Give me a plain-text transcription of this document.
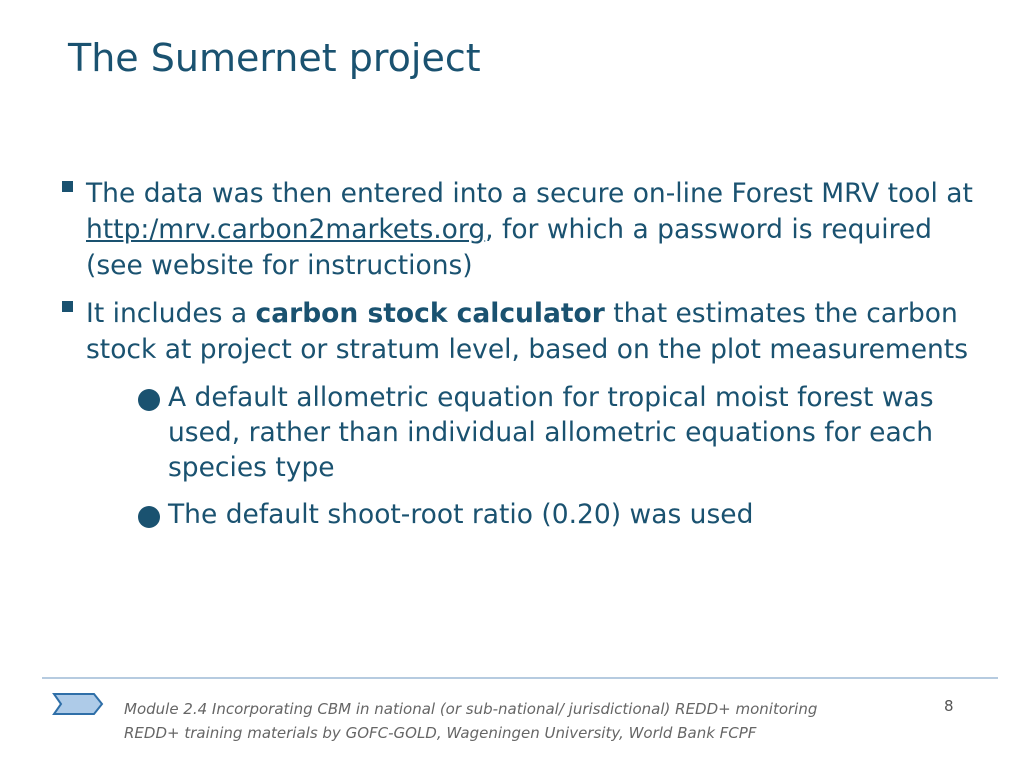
The Sumernet project
The data was then entered into a secure on-line Forest MRV tool at http:/mrv.carbon2markets.org, for which a password is required (see website for instructions)
It includes a carbon stock calculator that estimates the carbon stock at project or stratum level, based on the plot measurements
A default allometric equation for tropical moist forest was used, rather than individual allometric equations for each species type
The default shoot-root ratio (0.20) was used
Module 2.4 Incorporating CBM in national (or sub-national/ jurisdictional) REDD+ monitoring
REDD+ training materials by GOFC-GOLD, Wageningen University, World Bank FCPF
8
